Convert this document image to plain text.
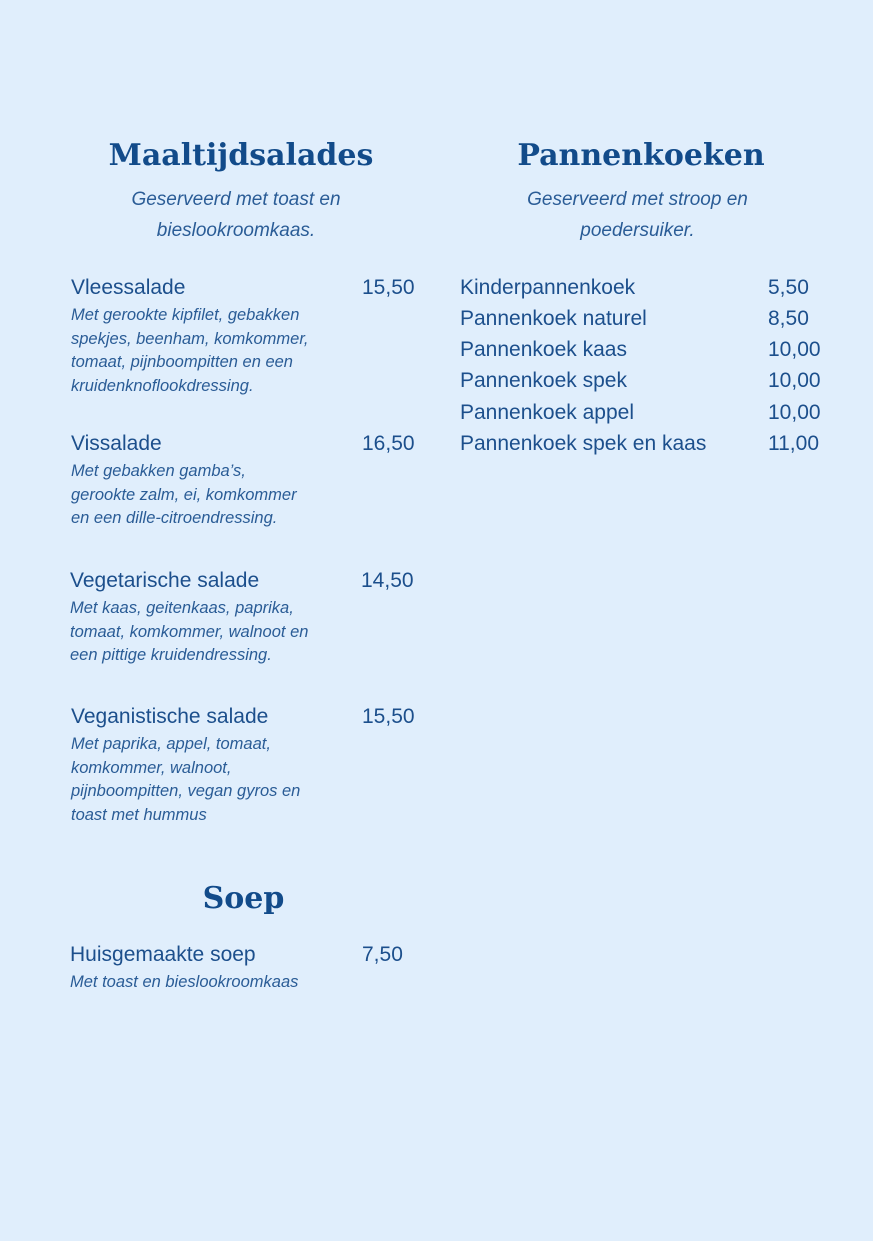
Maaltijdsalades

Geserveerd met toast en
bieslookroomkaas.

Vleessalade	15,50

Met gerookte kipfilet, gebakken
spekjes, beenham, komkommer,
tomaat, pijnboompitten en een
kruidenknoflookdressing.

Vissalade	16,50

Met gebakken gamba’s,
gerookte zalm, ei, komkommer
en een dille-citroendressing.

Vegetarische salade	14,50

Met kaas, geitenkaas, paprika,
tomaat, komkommer, walnoot en
een pittige kruidendressing.

Veganistische salade	15,50

Met paprika, appel, tomaat,
komkommer, walnoot,
pijnboompitten, vegan gyros en
toast met hummus

Soep
Huisgemaakte soep	7,50

Met toast en bieslookroomkaas

Pannenkoeken

Geserveerd met stroop en
poedersuiker.

Kinderpannenkoek	5,50
Pannenkoek naturel	8,50
Pannenkoek kaas	10,00
Pannenkoek spek	10,00
Pannenkoek appel	10,00
Pannenkoek spek en kaas	11,00
